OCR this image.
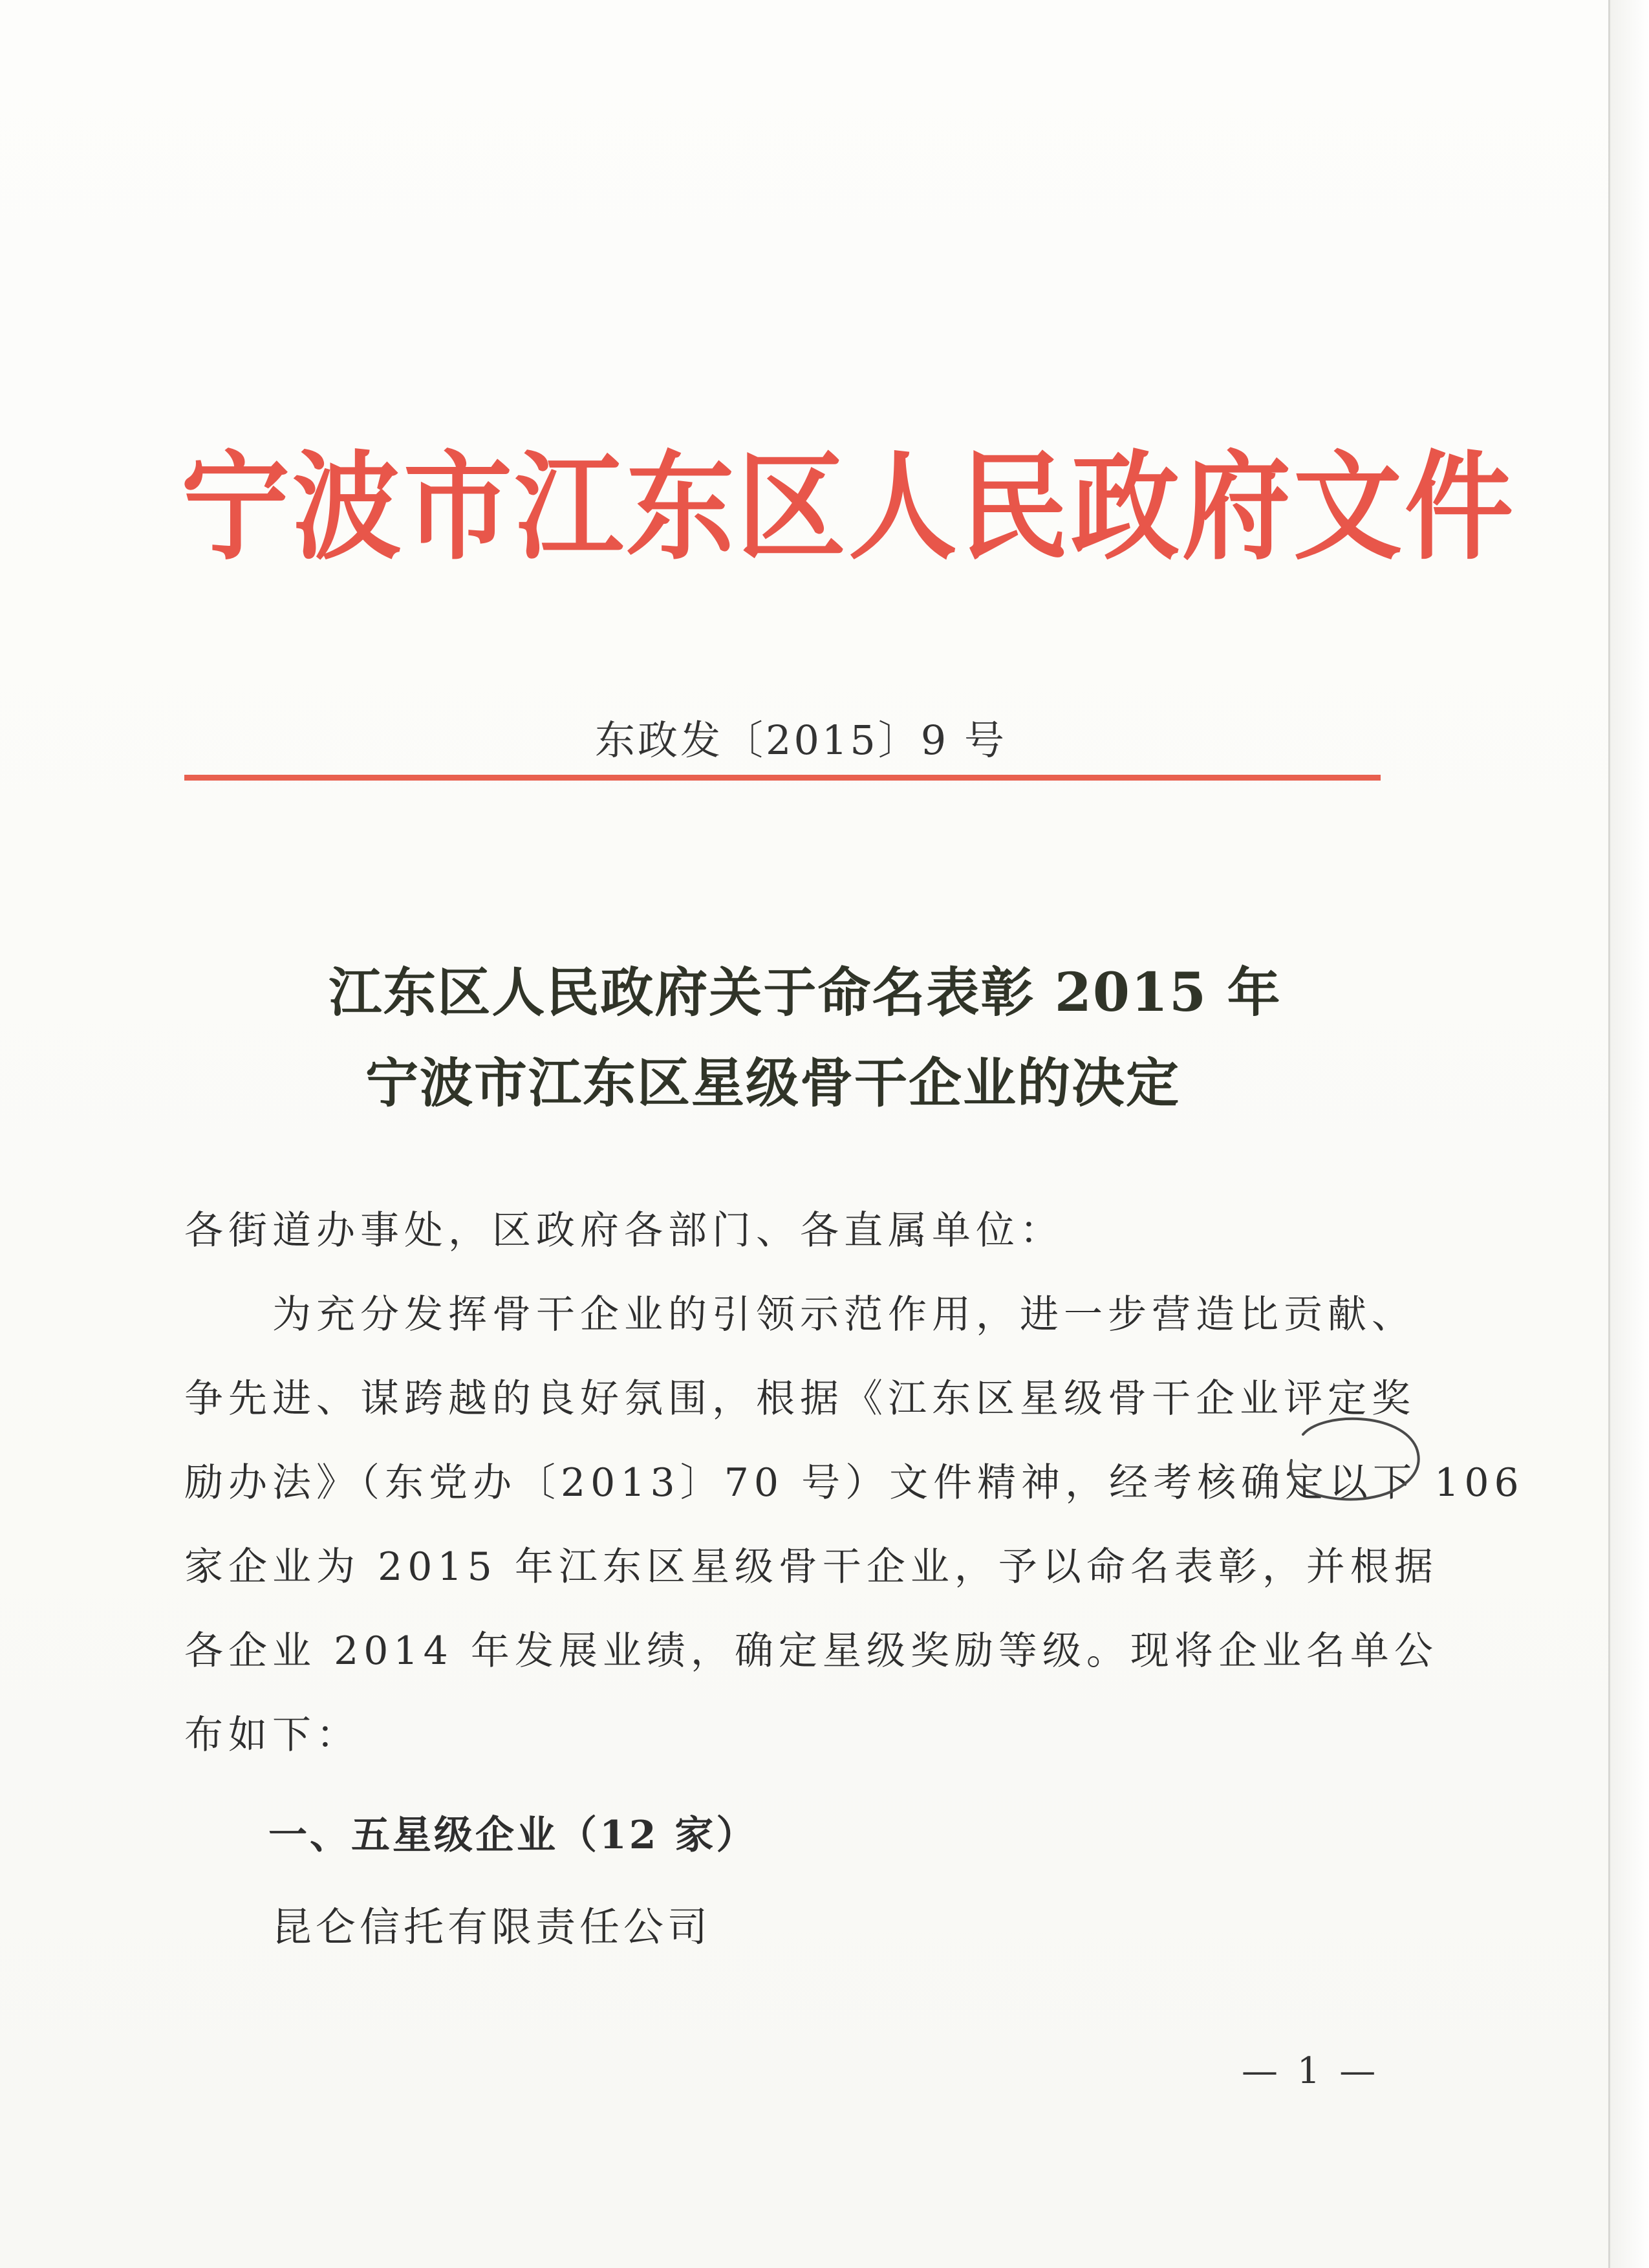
宁波市江东区人民政府文件
东政发〔2015〕9 号
江东区人民政府关于命名表彰 2015 年
宁波市江东区星级骨干企业的决定
各街道办事处，区政府各部门、各直属单位：
　　为充分发挥骨干企业的引领示范作用，进一步营造比贡献、
争先进、谋跨越的良好氛围，根据《江东区星级骨干企业评定奖
励办法》（东党办〔2013〕70 号）文件精神，经考核确定以下 106
家企业为 2015 年江东区星级骨干企业，予以命名表彰，并根据
各企业 2014 年发展业绩，确定星级奖励等级。现将企业名单公
布如下：
一、五星级企业（12 家）
昆仑信托有限责任公司
— 1 —
